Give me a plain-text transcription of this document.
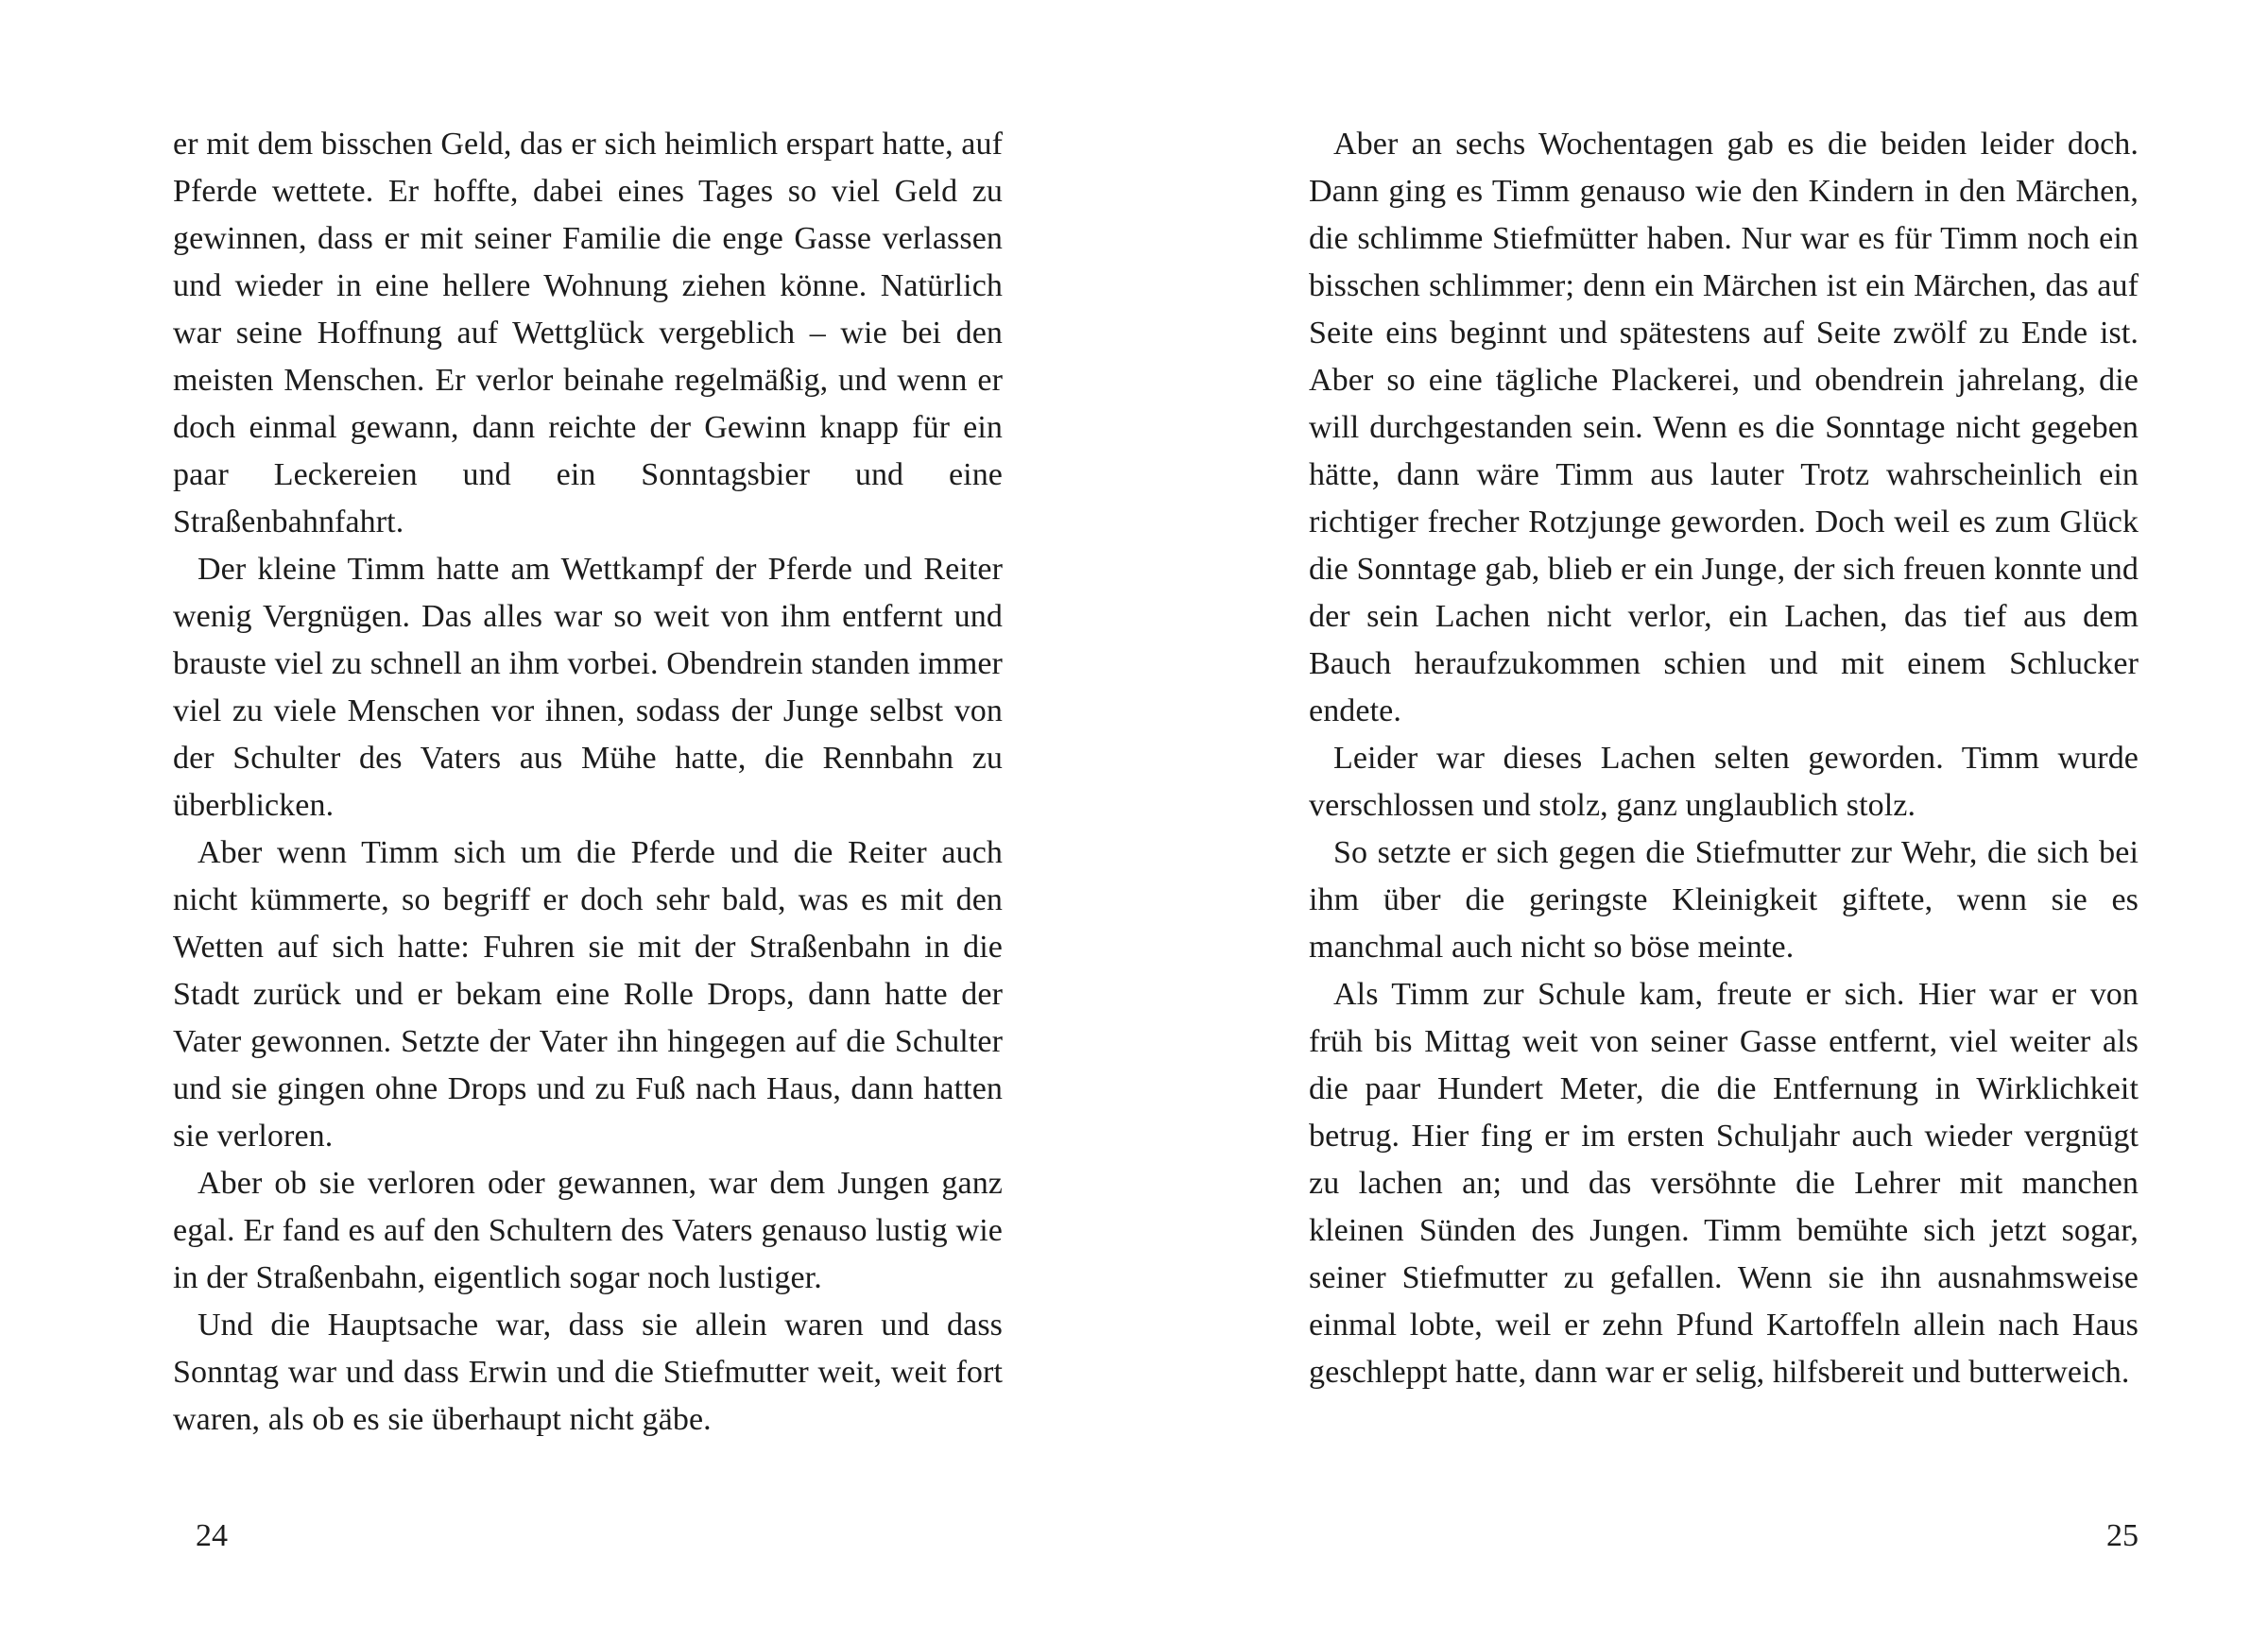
er mit dem bisschen Geld, das er sich heimlich erspart hatte, auf Pferde wettete. Er hoffte, dabei eines Tages so viel Geld zu gewinnen, dass er mit seiner Familie die enge Gasse verlassen und wieder in eine hellere Wohnung ziehen könne. Natürlich war seine Hoffnung auf Wettglück vergeblich – wie bei den meisten Menschen. Er verlor beinahe regelmäßig, und wenn er doch einmal gewann, dann reichte der Gewinn knapp für ein paar Leckereien und ein Sonntagsbier und eine Straßenbahnfahrt.

Der kleine Timm hatte am Wettkampf der Pferde und Reiter wenig Vergnügen. Das alles war so weit von ihm entfernt und brauste viel zu schnell an ihm vorbei. Obendrein standen immer viel zu viele Menschen vor ihnen, sodass der Junge selbst von der Schulter des Vaters aus Mühe hatte, die Rennbahn zu überblicken.

Aber wenn Timm sich um die Pferde und die Reiter auch nicht kümmerte, so begriff er doch sehr bald, was es mit den Wetten auf sich hatte: Fuhren sie mit der Straßenbahn in die Stadt zurück und er bekam eine Rolle Drops, dann hatte der Vater gewonnen. Setzte der Vater ihn hingegen auf die Schulter und sie gingen ohne Drops und zu Fuß nach Haus, dann hatten sie verloren.

Aber ob sie verloren oder gewannen, war dem Jungen ganz egal. Er fand es auf den Schultern des Vaters genauso lustig wie in der Straßenbahn, eigentlich sogar noch lustiger.

Und die Hauptsache war, dass sie allein waren und dass Sonntag war und dass Erwin und die Stiefmutter weit, weit fort waren, als ob es sie überhaupt nicht gäbe.

24

Aber an sechs Wochentagen gab es die beiden leider doch. Dann ging es Timm genauso wie den Kindern in den Märchen, die schlimme Stiefmütter haben. Nur war es für Timm noch ein bisschen schlimmer; denn ein Märchen ist ein Märchen, das auf Seite eins beginnt und spätestens auf Seite zwölf zu Ende ist. Aber so eine tägliche Plackerei, und obendrein jahrelang, die will durchgestanden sein. Wenn es die Sonntage nicht gegeben hätte, dann wäre Timm aus lauter Trotz wahrscheinlich ein richtiger frecher Rotzjunge geworden. Doch weil es zum Glück die Sonntage gab, blieb er ein Junge, der sich freuen konnte und der sein Lachen nicht verlor, ein Lachen, das tief aus dem Bauch heraufzukommen schien und mit einem Schlucker endete.

Leider war dieses Lachen selten geworden. Timm wurde verschlossen und stolz, ganz unglaublich stolz.

So setzte er sich gegen die Stiefmutter zur Wehr, die sich bei ihm über die geringste Kleinigkeit giftete, wenn sie es manchmal auch nicht so böse meinte.

Als Timm zur Schule kam, freute er sich. Hier war er von früh bis Mittag weit von seiner Gasse entfernt, viel weiter als die paar Hundert Meter, die die Entfernung in Wirklichkeit betrug. Hier fing er im ersten Schuljahr auch wieder vergnügt zu lachen an; und das versöhnte die Lehrer mit manchen kleinen Sünden des Jungen. Timm bemühte sich jetzt sogar, seiner Stiefmutter zu gefallen. Wenn sie ihn ausnahmsweise einmal lobte, weil er zehn Pfund Kartoffeln allein nach Haus geschleppt hatte, dann war er selig, hilfsbereit und butterweich.

25
